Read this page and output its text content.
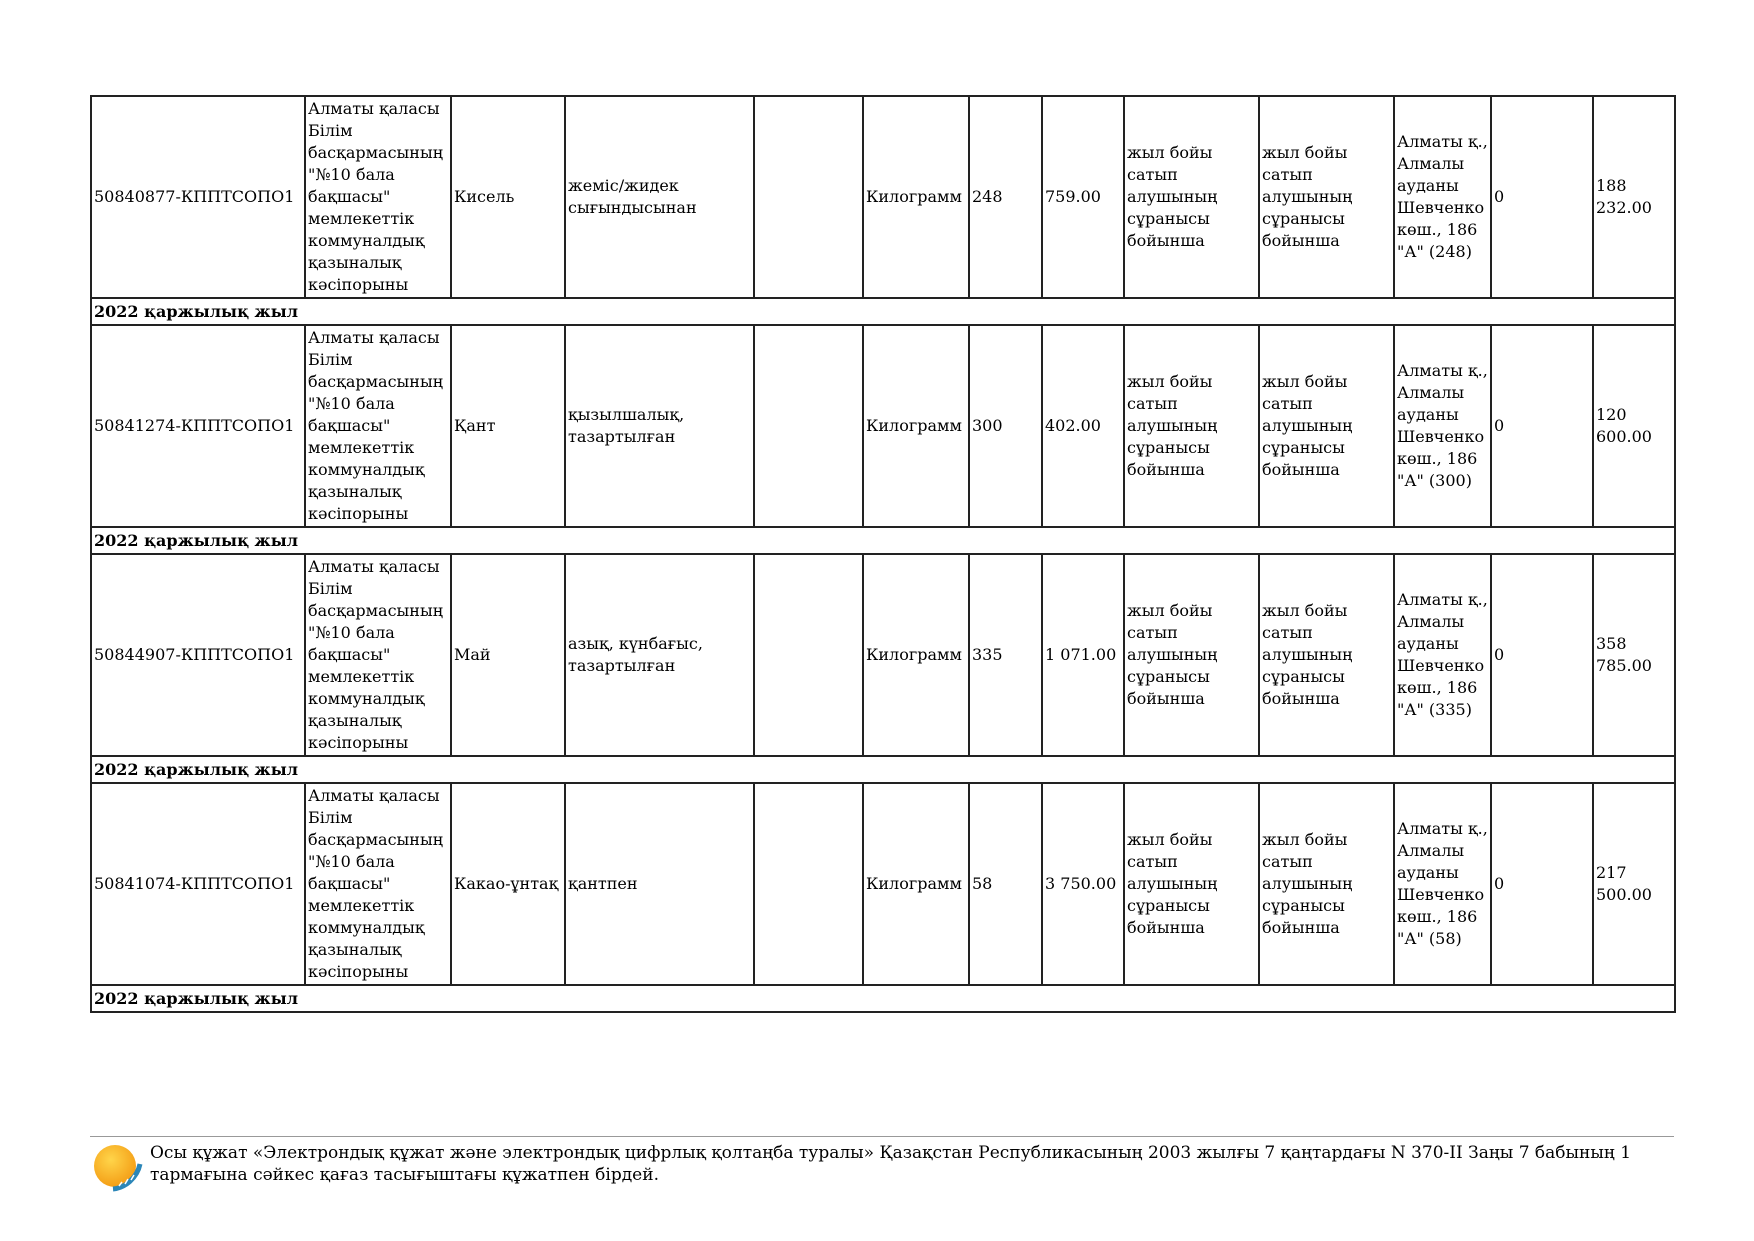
50840877-КППТСОПО1	Алматы қаласы Білім басқармасының "№10 бала бақшасы" мемлекеттік коммуналдық қазыналық кәсіпорыны	Кисель	жеміс/жидек сығындысынан		Килограмм	248	759.00	жыл бойы сатып алушының сұранысы бойынша	жыл бойы сатып алушының сұранысы бойынша	Алматы қ., Алмалы ауданы Шевченко көш., 186 "А" (248)	0	188 232.00
2022 қаржылық жыл												
50841274-КППТСОПО1	Алматы қаласы Білім басқармасының "№10 бала бақшасы" мемлекеттік коммуналдық қазыналық кәсіпорыны	Қант	қызылшалық, тазартылған		Килограмм	300	402.00	жыл бойы сатып алушының сұранысы бойынша	жыл бойы сатып алушының сұранысы бойынша	Алматы қ., Алмалы ауданы Шевченко көш., 186 "А" (300)	0	120 600.00
2022 қаржылық жыл												
50844907-КППТСОПО1	Алматы қаласы Білім басқармасының "№10 бала бақшасы" мемлекеттік коммуналдық қазыналық кәсіпорыны	Май	азық, күнбағыс, тазартылған		Килограмм	335	1 071.00	жыл бойы сатып алушының сұранысы бойынша	жыл бойы сатып алушының сұранысы бойынша	Алматы қ., Алмалы ауданы Шевченко көш., 186 "А" (335)	0	358 785.00
2022 қаржылық жыл												
50841074-КППТСОПО1	Алматы қаласы Білім басқармасының "№10 бала бақшасы" мемлекеттік коммуналдық қазыналық кәсіпорыны	Какао-ұнтақ	қантпен		Килограмм	58	3 750.00	жыл бойы сатып алушының сұранысы бойынша	жыл бойы сатып алушының сұранысы бойынша	Алматы қ., Алмалы ауданы Шевченко көш., 186 "А" (58)	0	217 500.00
2022 қаржылық жыл												
Осы құжат «Электрондық құжат және электрондық цифрлық қолтаңба туралы» Қазақстан Республикасының 2003 жылғы 7 қаңтардағы N 370-II Заңы 7 бабының 1 тармағына сәйкес қағаз тасығыштағы құжатпен бірдей.
